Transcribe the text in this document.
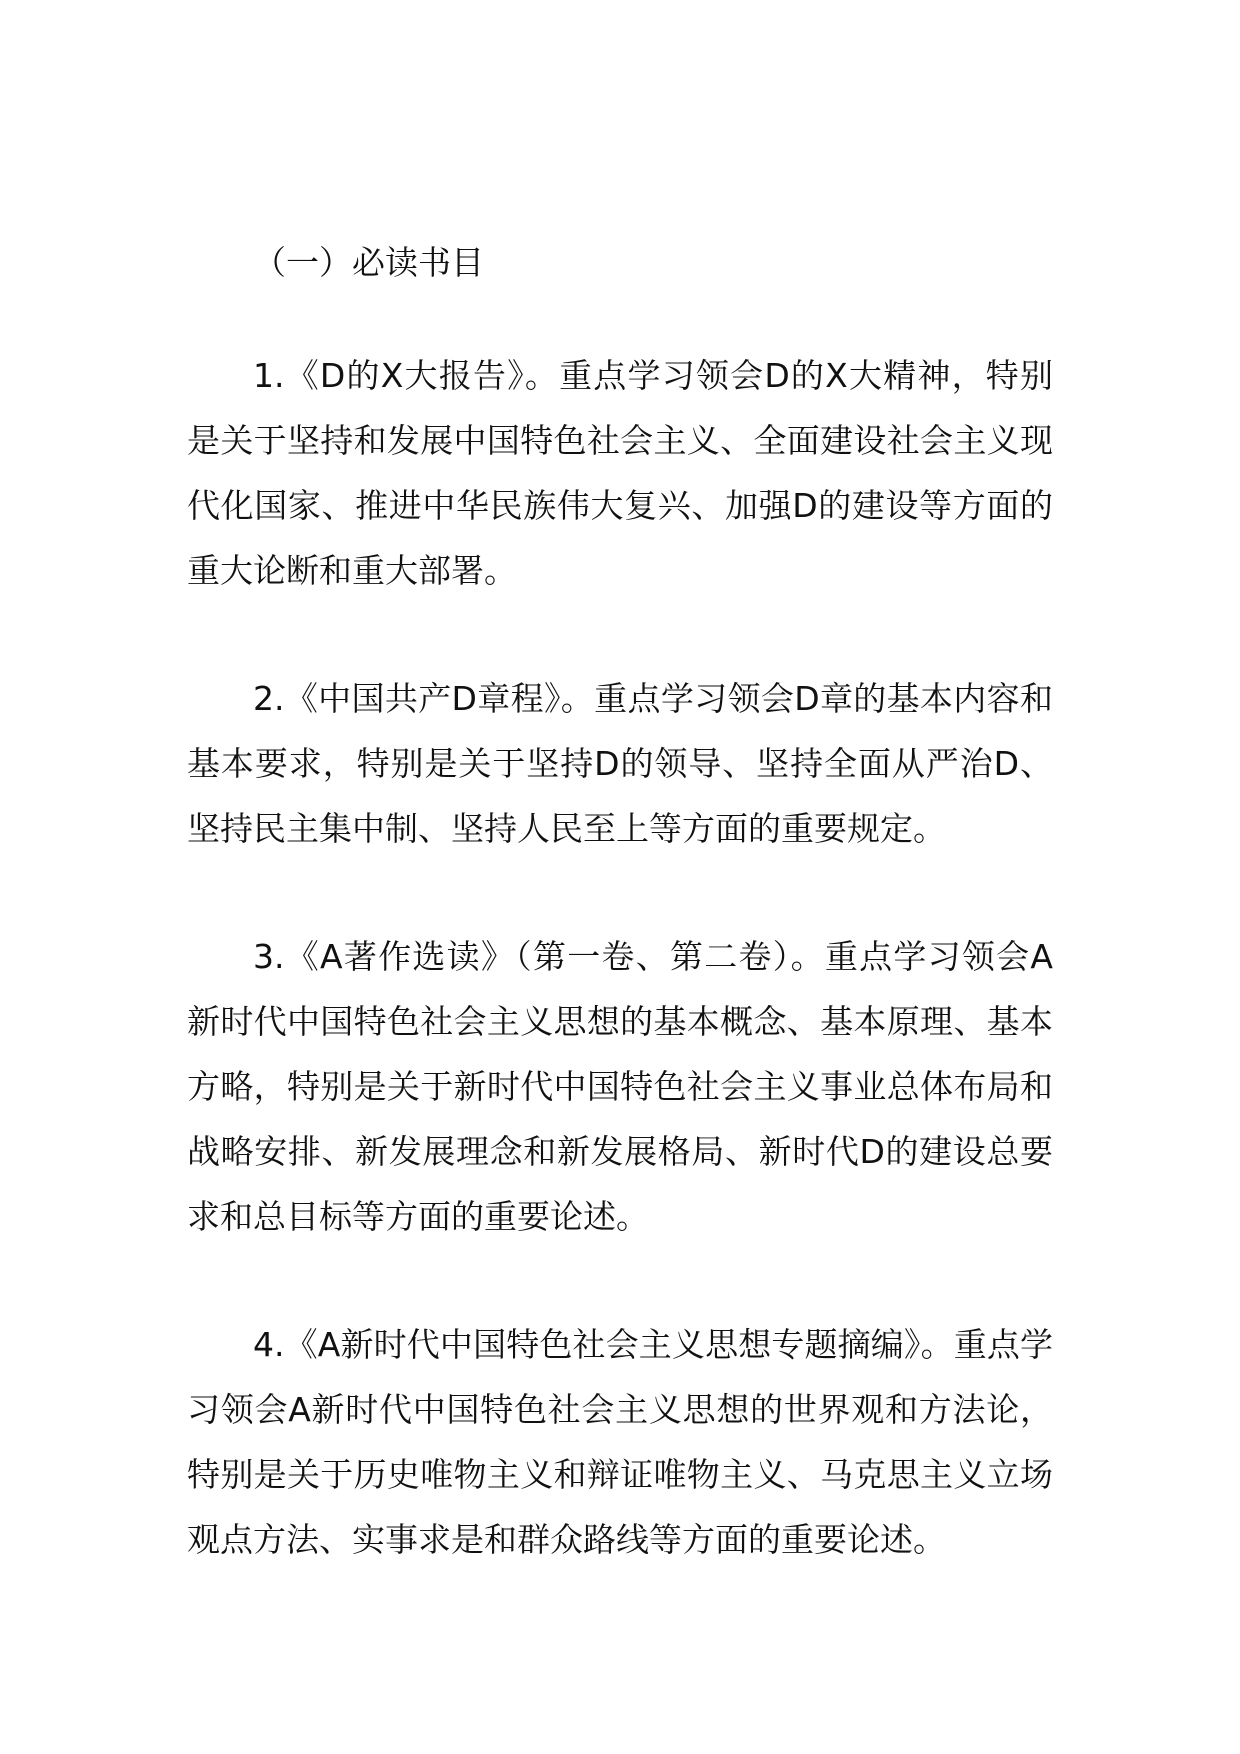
（一）必读书目

1.《D的X大报告》。重点学习领会D的X大精神，特别是关于坚持和发展中国特色社会主义、全面建设社会主义现代化国家、推进中华民族伟大复兴、加强D的建设等方面的重大论断和重大部署。

2.《中国共产D章程》。重点学习领会D章的基本内容和基本要求，特别是关于坚持D的领导、坚持全面从严治D、坚持民主集中制、坚持人民至上等方面的重要规定。

3.《A著作选读》（第一卷、第二卷）。重点学习领会A新时代中国特色社会主义思想的基本概念、基本原理、基本方略，特别是关于新时代中国特色社会主义事业总体布局和战略安排、新发展理念和新发展格局、新时代D的建设总要求和总目标等方面的重要论述。

4.《A新时代中国特色社会主义思想专题摘编》。重点学习领会A新时代中国特色社会主义思想的世界观和方法论，特别是关于历史唯物主义和辩证唯物主义、马克思主义立场观点方法、实事求是和群众路线等方面的重要论述。
